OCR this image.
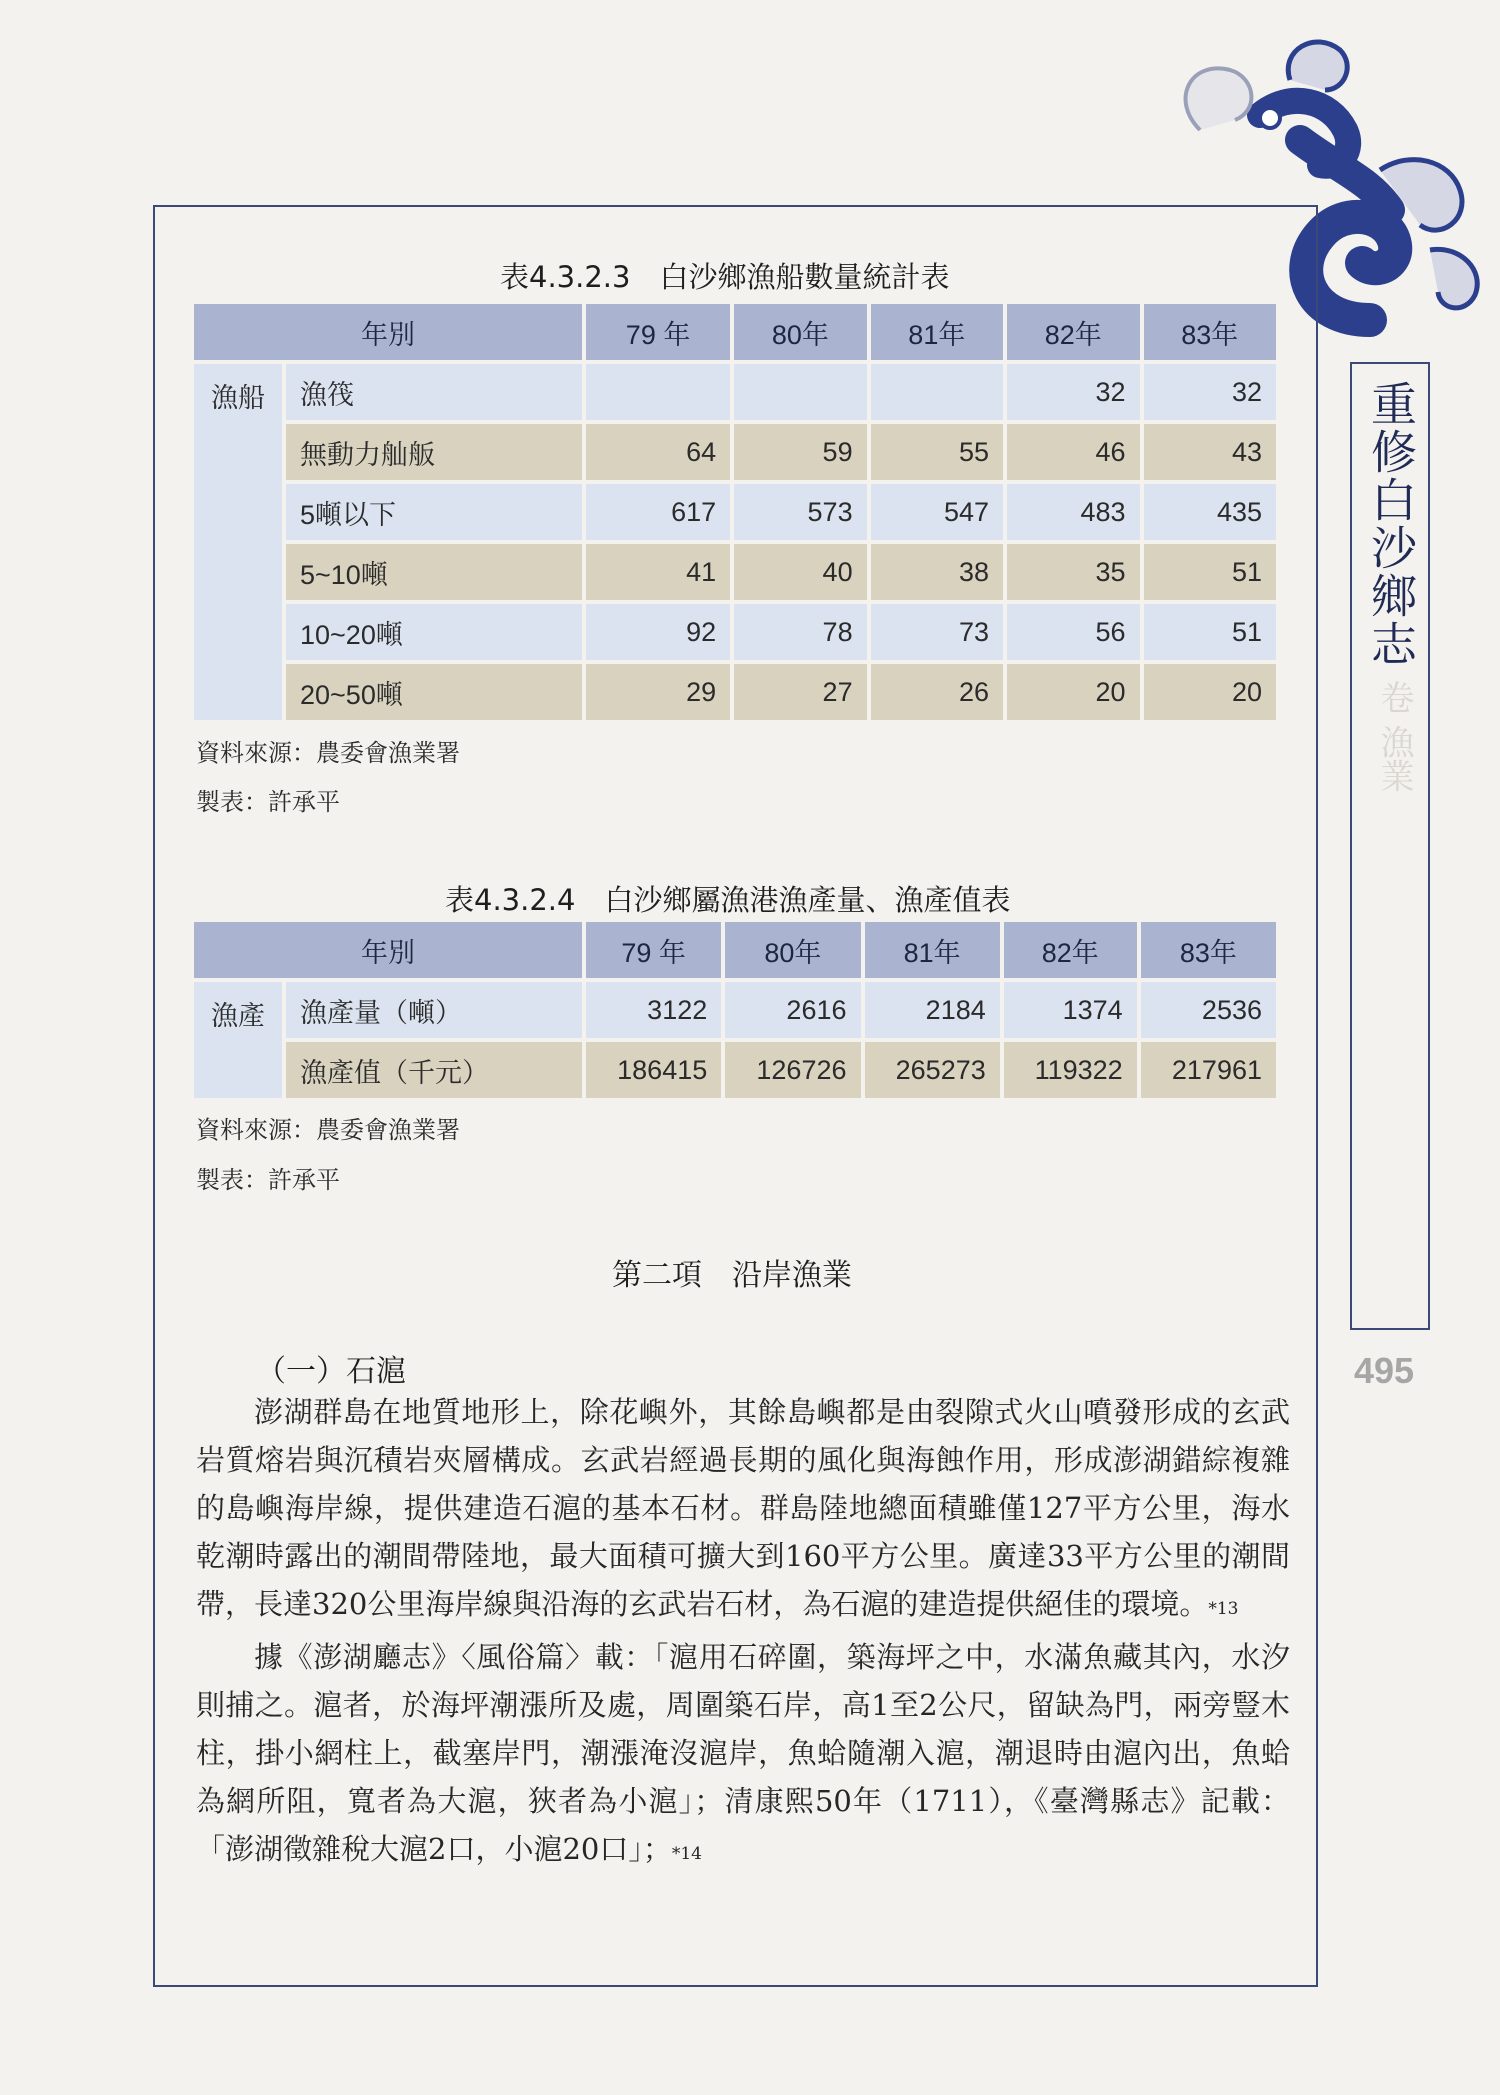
重修白沙鄉志
卷 漁業
495
表4.3.2.3　白沙鄉漁船數量統計表
年別		79 年	80年	81年	82年	83年
漁船	漁筏				32	32
	無動力舢舨	64	59	55	46	43
	5噸以下	617	573	547	483	435
	5~10噸	41	40	38	35	51
	10~20噸	92	78	73	56	51
	20~50噸	29	27	26	20	20
資料來源：農委會漁業署
製表：許承平
表4.3.2.4　白沙鄉屬漁港漁產量、漁產值表
年別		79 年	80年	81年	82年	83年
漁產	漁產量（噸）	3122	2616	2184	1374	2536
	漁產值（千元）	186415	126726	265273	119322	217961
資料來源：農委會漁業署
製表：許承平
第二項　沿岸漁業
（一）石滬

澎湖群島在地質地形上，除花嶼外，其餘島嶼都是由裂隙式火山噴發形成的玄武岩質熔岩與沉積岩夾層構成。玄武岩經過長期的風化與海蝕作用，形成澎湖錯綜複雜的島嶼海岸線，提供建造石滬的基本石材。群島陸地總面積雖僅127平方公里，海水乾潮時露出的潮間帶陸地，最大面積可擴大到160平方公里。廣達33平方公里的潮間帶，長達320公里海岸線與沿海的玄武岩石材，為石滬的建造提供絕佳的環境。*13

據《澎湖廳志》〈風俗篇〉載：「滬用石碎圍，築海坪之中，水滿魚藏其內，水汐則捕之。滬者，於海坪潮漲所及處，周圍築石岸，高1至2公尺，留缺為門，兩旁豎木柱，掛小網柱上，截塞岸門，潮漲淹沒滬岸，魚蛤隨潮入滬，潮退時由滬內出，魚蛤為網所阻，寬者為大滬，狹者為小滬」；清康熙50年（1711），《臺灣縣志》記載：「澎湖徵雜稅大滬2口，小滬20口」；*14
